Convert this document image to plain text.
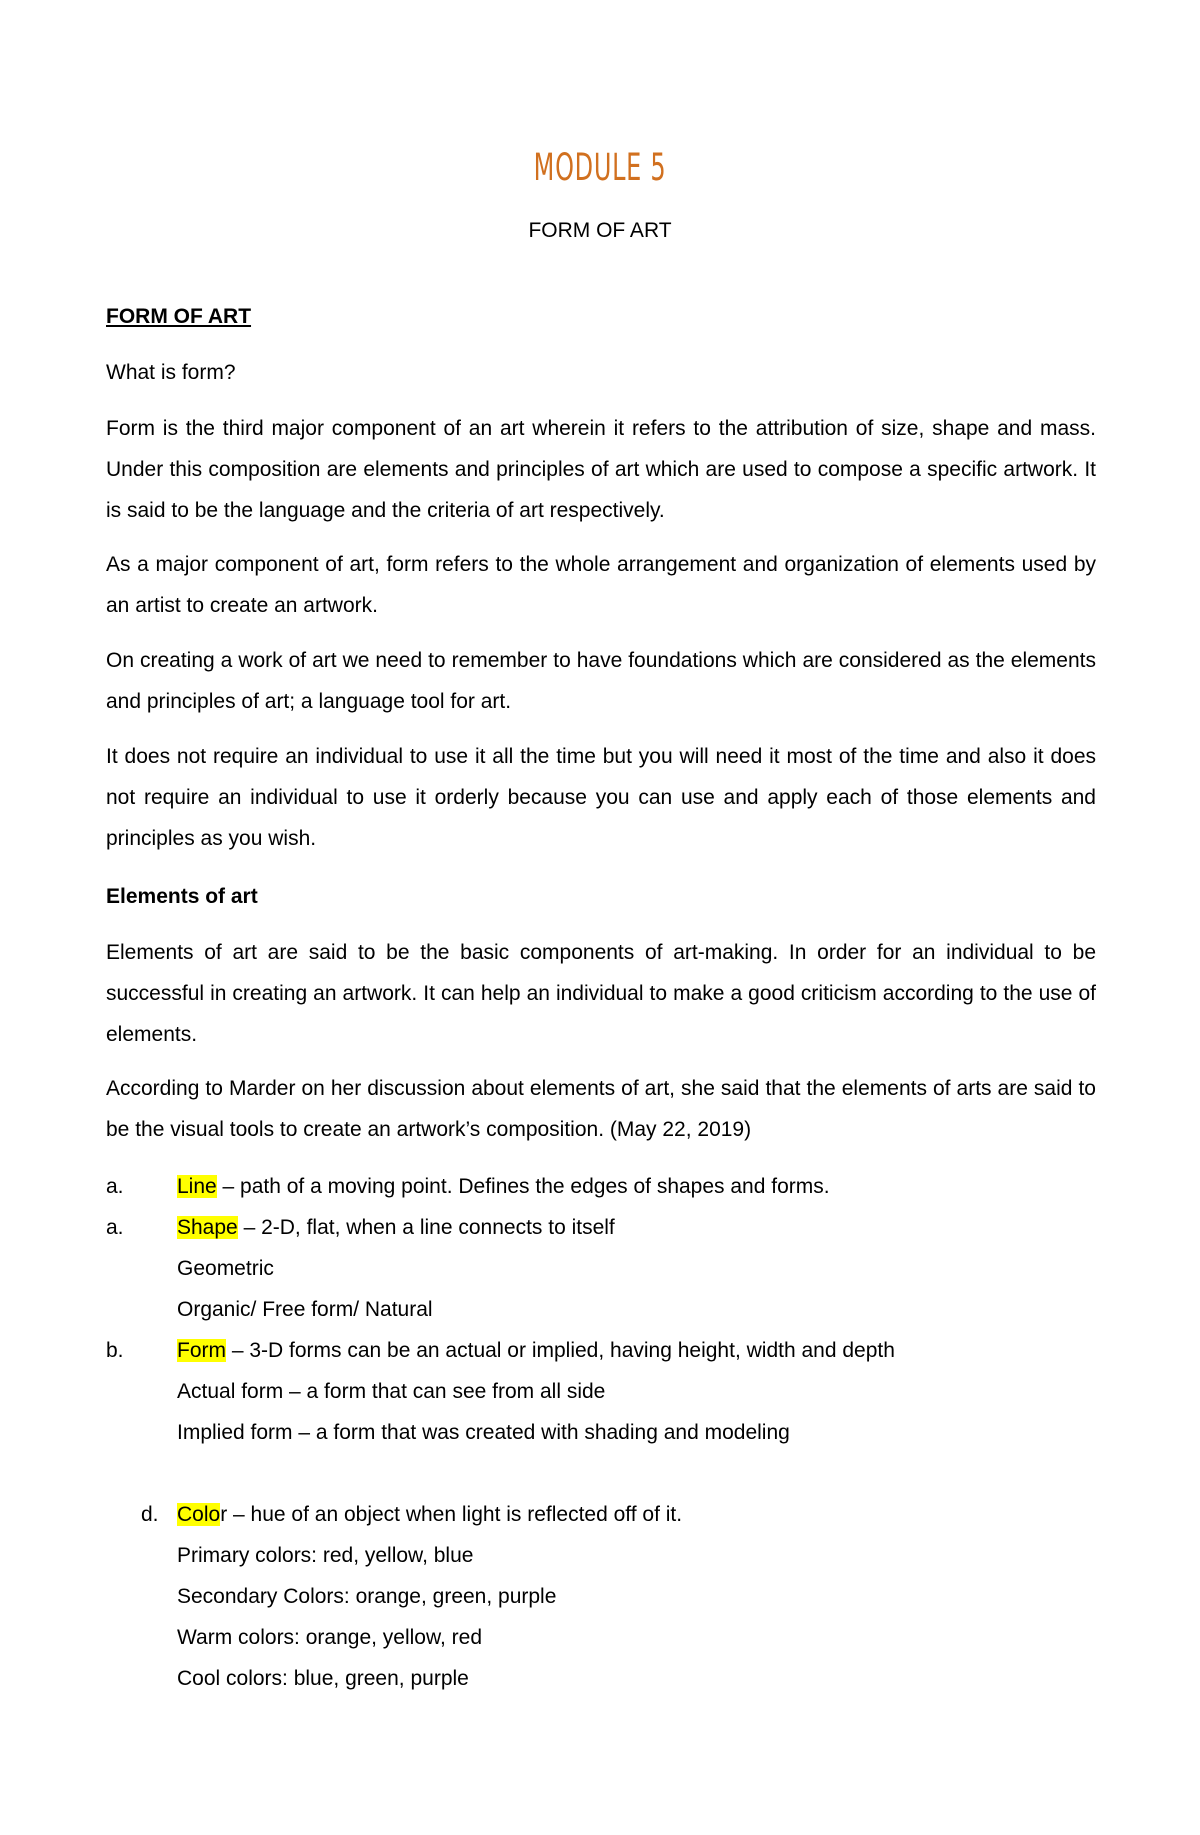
MODULE 5
FORM OF ART
FORM OF ART
What is form?
Form is the third major component of an art wherein it refers to the attribution of size, shape and mass. Under this composition are elements and principles of art which are used to compose a specific artwork. It is said to be the language and the criteria of art respectively.
As a major component of art, form refers to the whole arrangement and organization of elements used by an artist to create an artwork.
On creating a work of art we need to remember to have foundations which are considered as the elements and principles of art; a language tool for art.
It does not require an individual to use it all the time but you will need it most of the time and also it does not require an individual to use it orderly because you can use and apply each of those elements and principles as you wish.
Elements of art
Elements of art are said to be the basic components of art-making. In order for an individual to be successful in creating an artwork. It can help an individual to make a good criticism according to the use of elements.
According to Marder on her discussion about elements of art, she said that the elements of arts are said to be the visual tools to create an artwork’s composition. (May 22, 2019)
a.	Line – path of a moving point. Defines the edges of shapes and forms.
a.	Shape – 2-D, flat, when a line connects to itself
Geometric
Organic/ Free form/ Natural
b.	Form – 3-D forms can be an actual or implied, having height, width and depth
Actual form – a form that can see from all side
Implied form – a form that was created with shading and modeling
d. Color – hue of an object when light is reflected off of it.
Primary colors: red, yellow, blue
Secondary Colors: orange, green, purple
Warm colors: orange, yellow, red
Cool colors: blue, green, purple
